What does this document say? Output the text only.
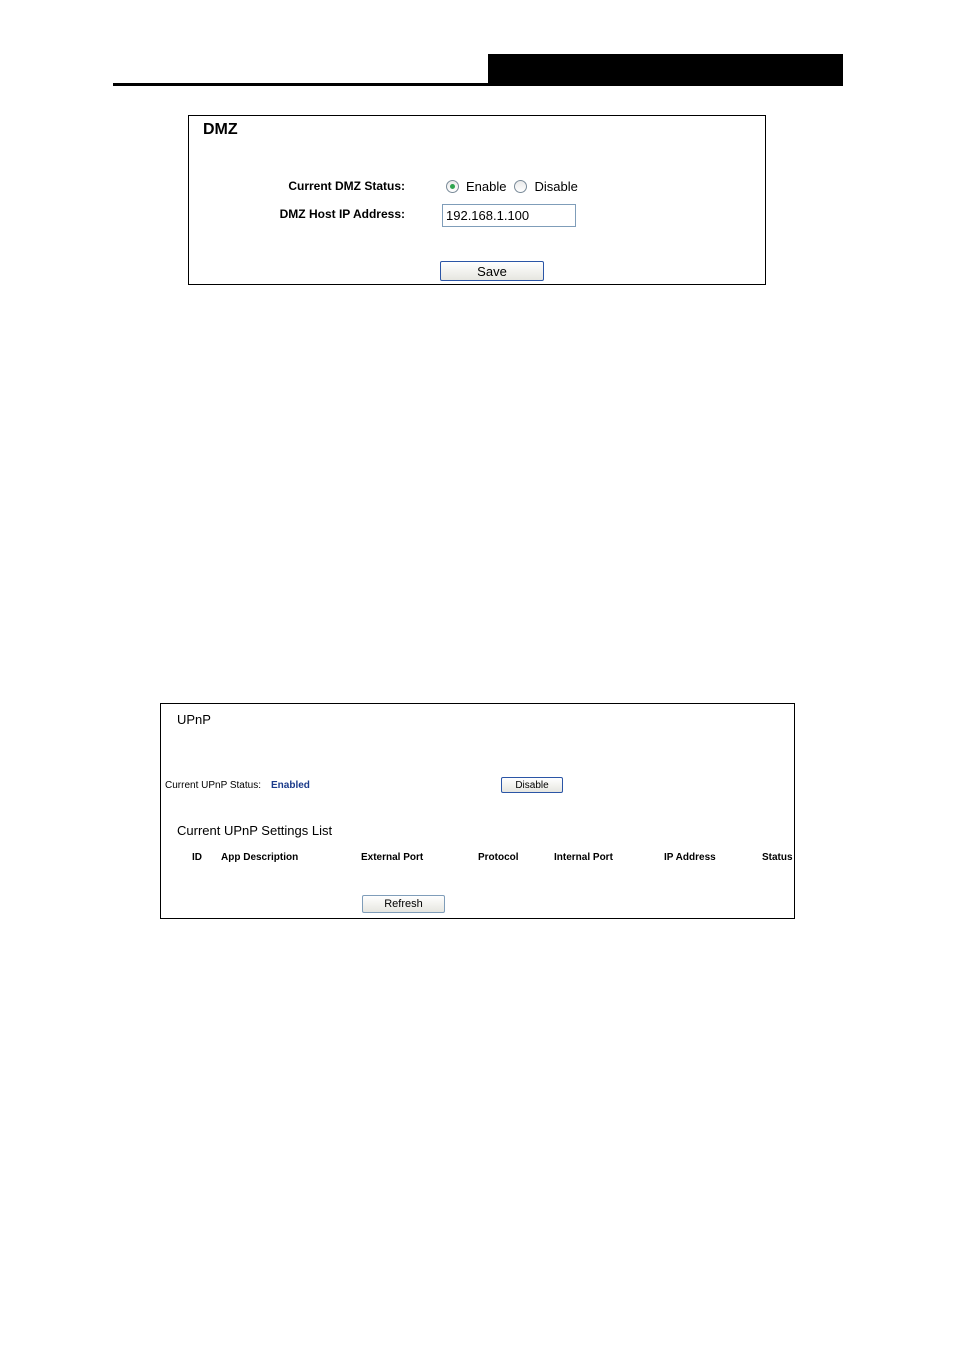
DMZ
Current DMZ Status:	Enable Disable
DMZ Host IP Address:
192.168.1.100
Save
UPnP
Current UPnP Status: Enabled	Disable
Current UPnP Settings List
ID App Description	External Port	Protocol	Internal Port	IP Address	Status
Refresh
